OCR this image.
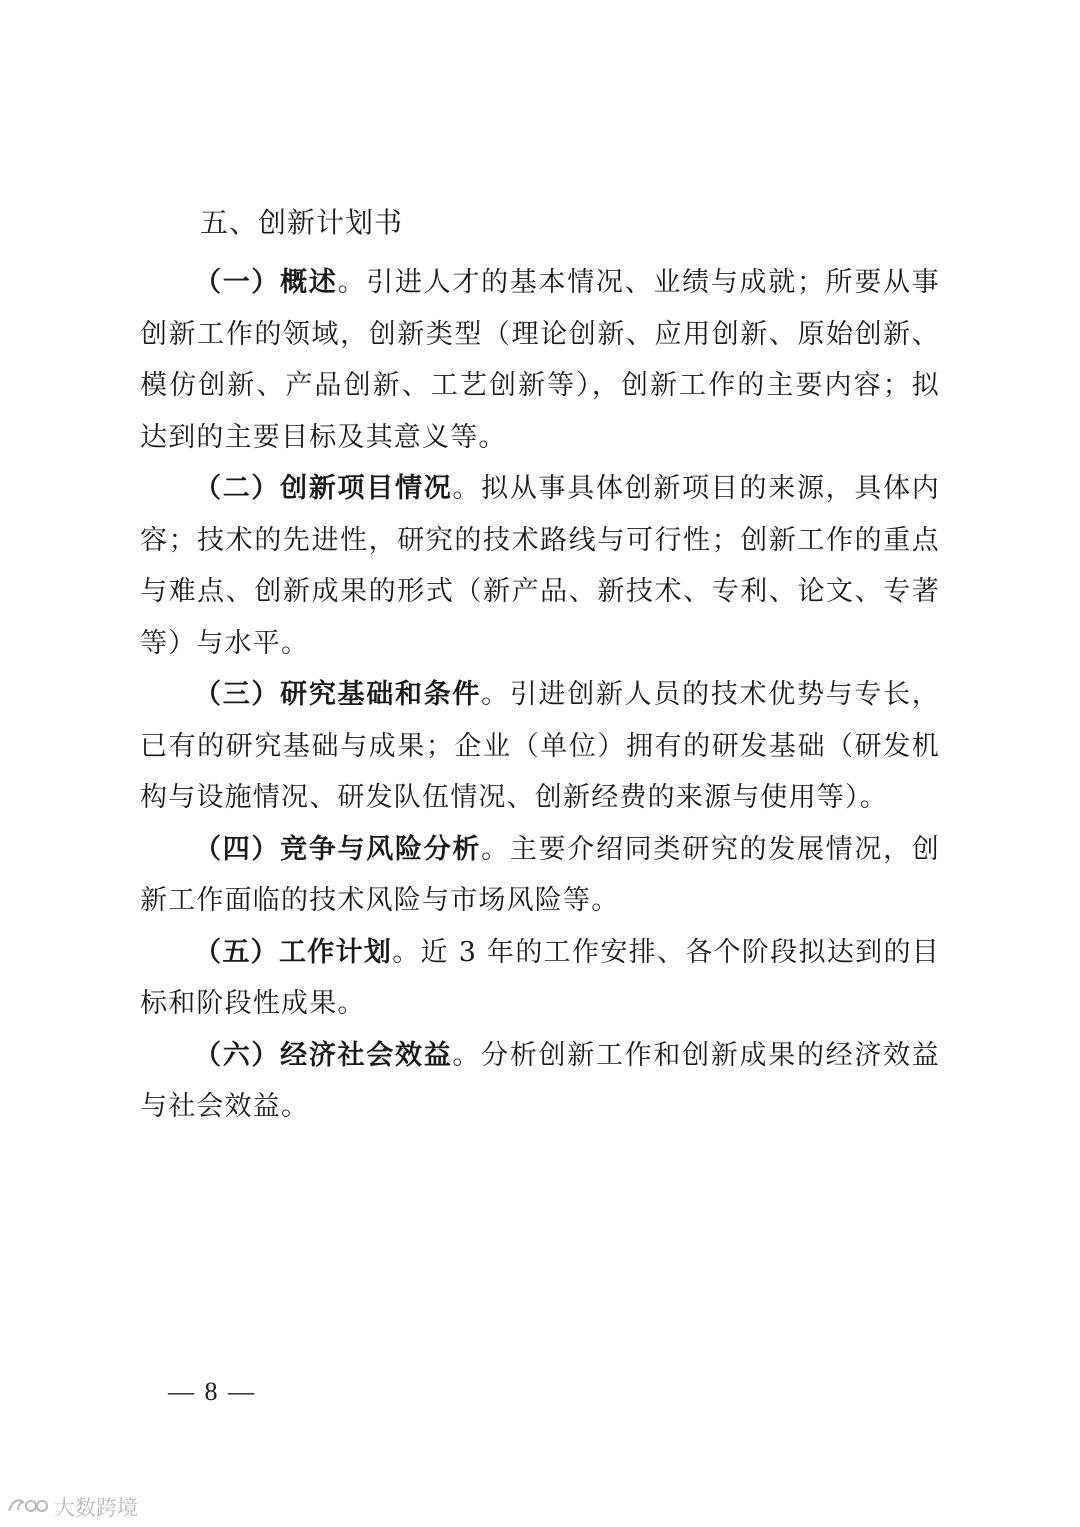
五、创新计划书

（一）概述。引进人才的基本情况、业绩与成就；所要从事创新工作的领域，创新类型（理论创新、应用创新、原始创新、模仿创新、产品创新、工艺创新等），创新工作的主要内容；拟达到的主要目标及其意义等。

（二）创新项目情况。拟从事具体创新项目的来源，具体内容；技术的先进性，研究的技术路线与可行性；创新工作的重点与难点、创新成果的形式（新产品、新技术、专利、论文、专著等）与水平。

（三）研究基础和条件。引进创新人员的技术优势与专长，已有的研究基础与成果；企业（单位）拥有的研发基础（研发机构与设施情况、研发队伍情况、创新经费的来源与使用等）。

（四）竞争与风险分析。主要介绍同类研究的发展情况，创新工作面临的技术风险与市场风险等。

（五）工作计划。近 3 年的工作安排、各个阶段拟达到的目标和阶段性成果。

（六）经济社会效益。分析创新工作和创新成果的经济效益与社会效益。

— 8 —
大数跨境
